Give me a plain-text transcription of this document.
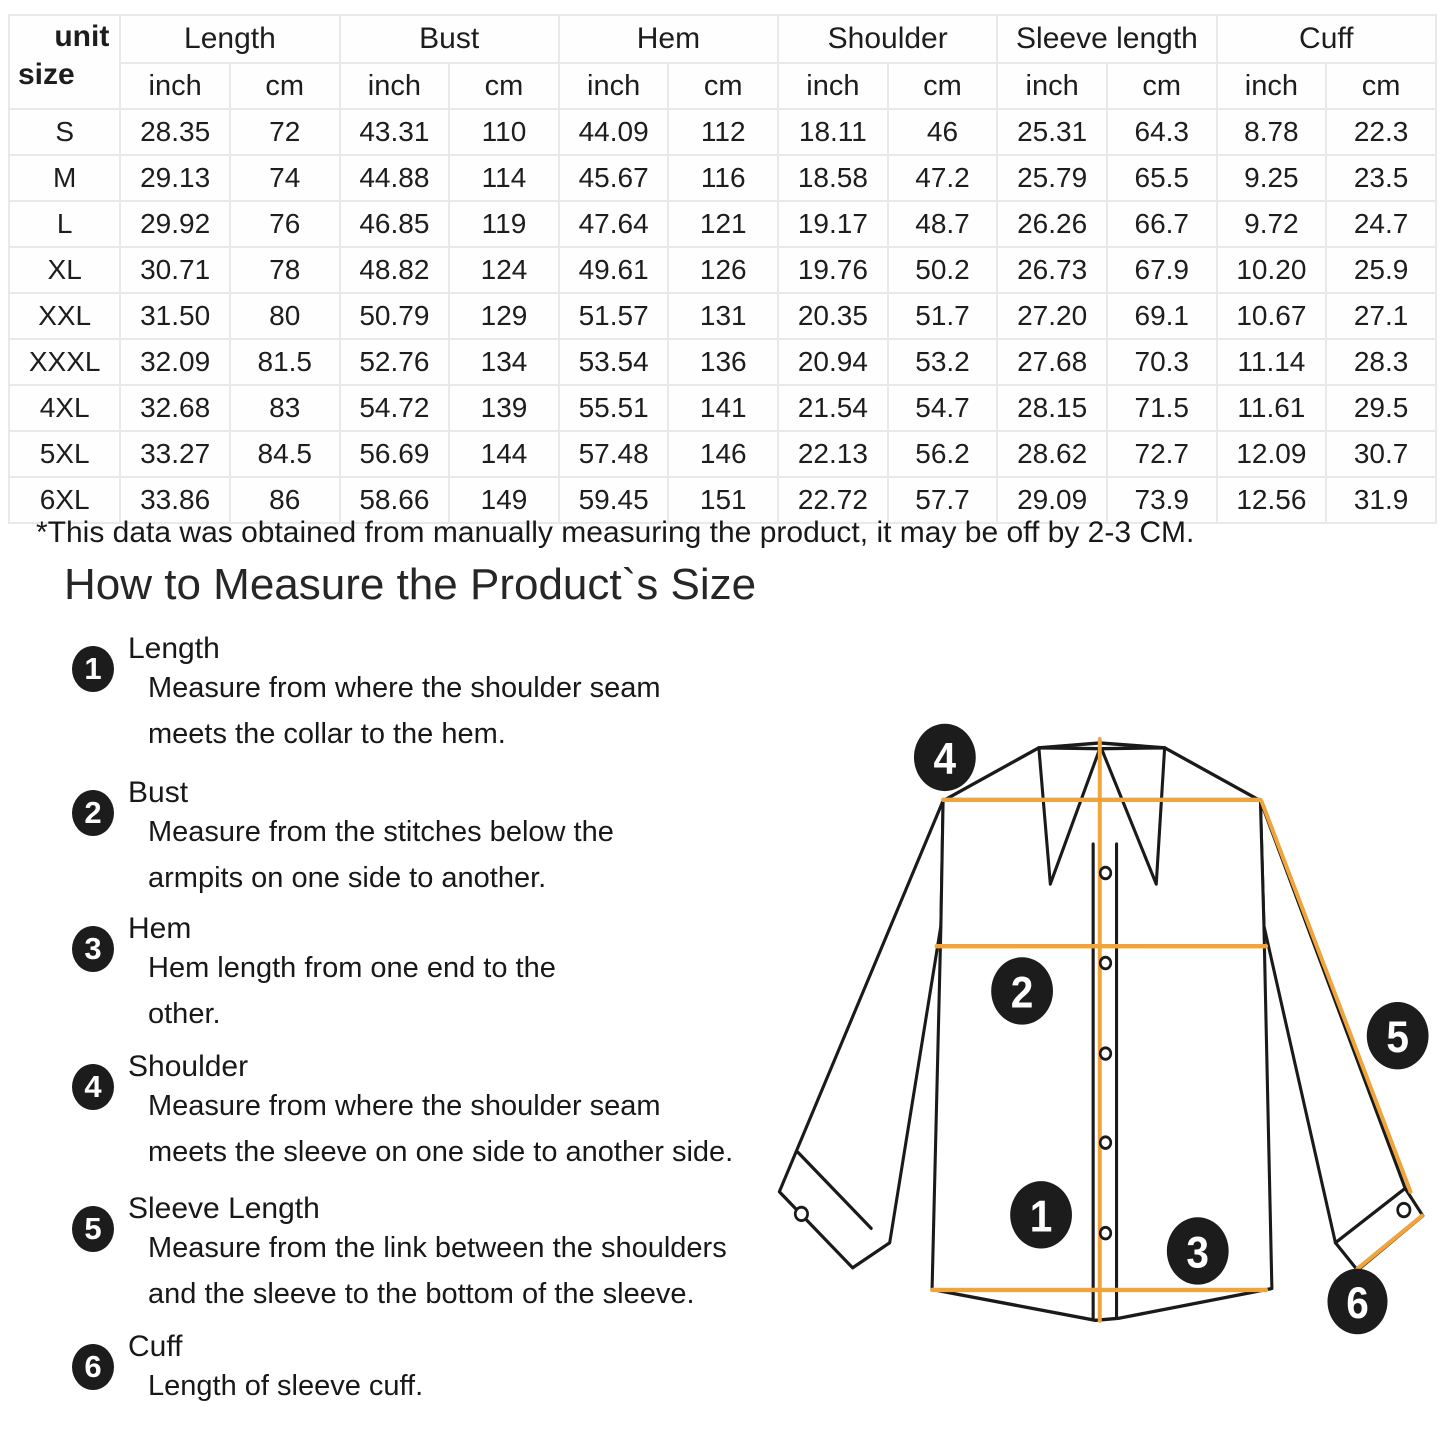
unit
size	Length		Bust		Hem		Shoulder		Sleeve length		Cuff	
	inch	cm	inch	cm	inch	cm	inch	cm	inch	cm	inch	cm
S	28.35	72	43.31	110	44.09	112	18.11	46	25.31	64.3	8.78	22.3
M	29.13	74	44.88	114	45.67	116	18.58	47.2	25.79	65.5	9.25	23.5
L	29.92	76	46.85	119	47.64	121	19.17	48.7	26.26	66.7	9.72	24.7
XL	30.71	78	48.82	124	49.61	126	19.76	50.2	26.73	67.9	10.20	25.9
XXL	31.50	80	50.79	129	51.57	131	20.35	51.7	27.20	69.1	10.67	27.1
XXXL	32.09	81.5	52.76	134	53.54	136	20.94	53.2	27.68	70.3	11.14	28.3
4XL	32.68	83	54.72	139	55.51	141	21.54	54.7	28.15	71.5	11.61	29.5
5XL	33.27	84.5	56.69	144	57.48	146	22.13	56.2	28.62	72.7	12.09	30.7
6XL	33.86	86	58.66	149	59.45	151	22.72	57.7	29.09	73.9	12.56	31.9
*This data was obtained from manually measuring the product, it may be off by 2-3 CM.
How to Measure the Product`s Size
1
Length
Measure from where the shoulder seam
meets the collar to the hem.
2
Bust
Measure from the stitches below the
armpits on one side to another.
3
Hem
Hem length from one end to the
other.
4
Shoulder
Measure from where the shoulder seam
meets the sleeve on one side to another side.
5
Sleeve Length
Measure from the link between the shoulders
and the sleeve to the bottom of the sleeve.
6
Cuff
Length of sleeve cuff.
4
2
5
1
3
6
